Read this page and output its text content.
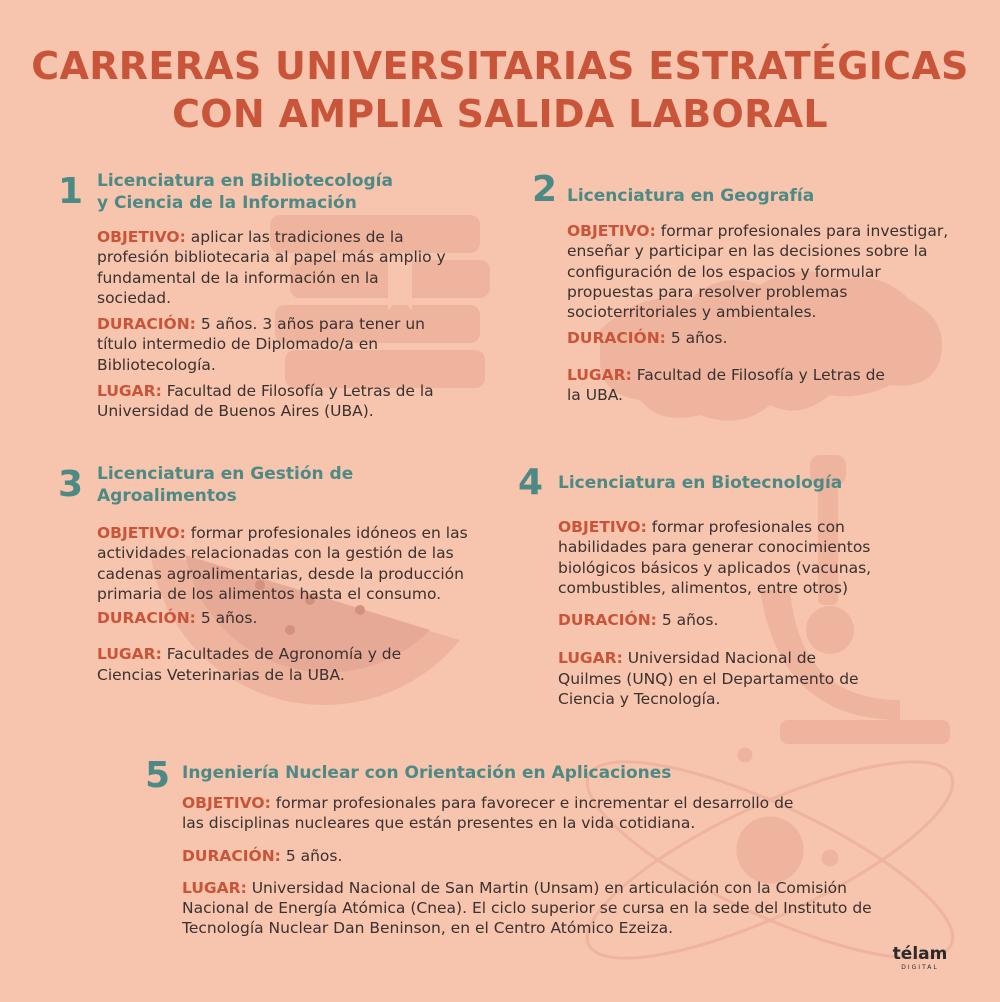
CARRERAS UNIVERSITARIAS ESTRATÉGICAS
CON AMPLIA SALIDA LABORAL
1 Licenciatura en Bibliotecología
y Ciencia de la Información

OBJETIVO: aplicar las tradiciones de la profesión bibliotecaria al papel más amplio y fundamental de la información en la sociedad.

DURACIÓN: 5 años. 3 años para tener un título intermedio de Diplomado/a en Bibliotecología.

LUGAR: Facultad de Filosofía y Letras de la Universidad de Buenos Aires (UBA).

2 Licenciatura en Geografía

OBJETIVO: formar profesionales para investigar, enseñar y participar en las decisiones sobre la configuración de los espacios y formular propuestas para resolver problemas socioterritoriales y ambientales.

DURACIÓN: 5 años.

LUGAR: Facultad de Filosofía y Letras de la UBA.

3 Licenciatura en Gestión de
Agroalimentos

OBJETIVO: formar profesionales idóneos en las actividades relacionadas con la gestión de las cadenas agroalimentarias, desde la producción primaria de los alimentos hasta el consumo.

DURACIÓN: 5 años.

LUGAR: Facultades de Agronomía y de Ciencias Veterinarias de la UBA.

4 Licenciatura en Biotecnología

OBJETIVO: formar profesionales con habilidades para generar conocimientos biológicos básicos y aplicados (vacunas, combustibles, alimentos, entre otros)

DURACIÓN: 5 años.

LUGAR: Universidad Nacional de Quilmes (UNQ) en el Departamento de Ciencia y Tecnología.

5 Ingeniería Nuclear con Orientación en Aplicaciones

OBJETIVO: formar profesionales para favorecer e incrementar el desarrollo de las disciplinas nucleares que están presentes en la vida cotidiana.

DURACIÓN: 5 años.

LUGAR: Universidad Nacional de San Martin (Unsam) en articulación con la Comisión Nacional de Energía Atómica (Cnea). El ciclo superior se cursa en la sede del Instituto de Tecnología Nuclear Dan Beninson, en el Centro Atómico Ezeiza.

télam
DIGITAL
